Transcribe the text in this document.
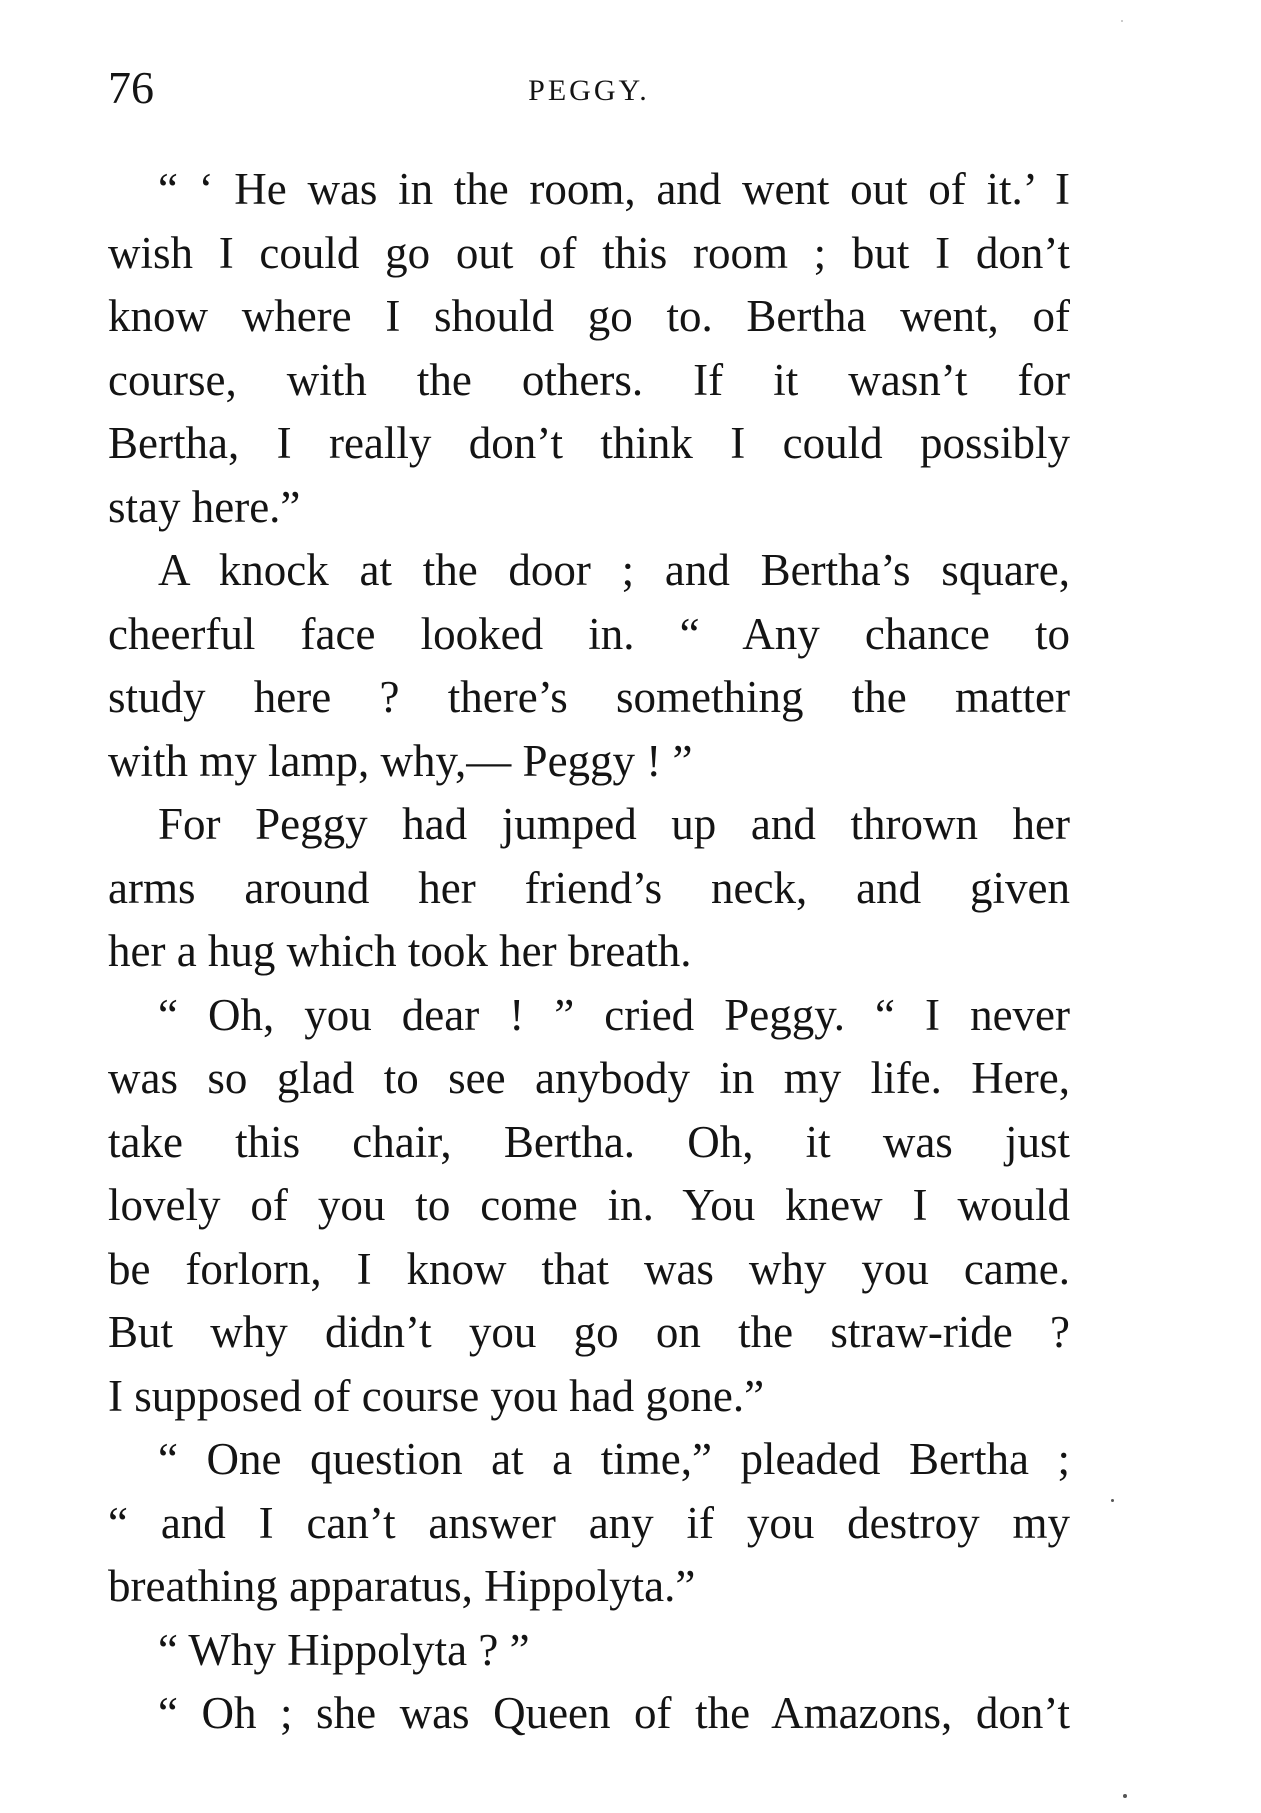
76	PEGGY.
“ ‘ He was in the room, and went out of it.’ I
wish I could go out of this room ; but I don’t
know where I should go to. Bertha went, of
course, with the others. If it wasn’t for
Bertha, I really don’t think I could possibly
stay here.”
A knock at the door ; and Bertha’s square,
cheerful face looked in. “ Any chance to
study here ? there’s something the matter
with my lamp, why,— Peggy ! ”
For Peggy had jumped up and thrown her
arms around her friend’s neck, and given
her a hug which took her breath.
“ Oh, you dear ! ” cried Peggy. “ I never
was so glad to see anybody in my life. Here,
take this chair, Bertha. Oh, it was just
lovely of you to come in. You knew I would
be forlorn, I know that was why you came.
But why didn’t you go on the straw-ride ?
I supposed of course you had gone.”
“ One question at a time,” pleaded Bertha ;
“ and I can’t answer any if you destroy my
breathing apparatus, Hippolyta.”
“ Why Hippolyta ? ”
“ Oh ; she was Queen of the Amazons, don’t
